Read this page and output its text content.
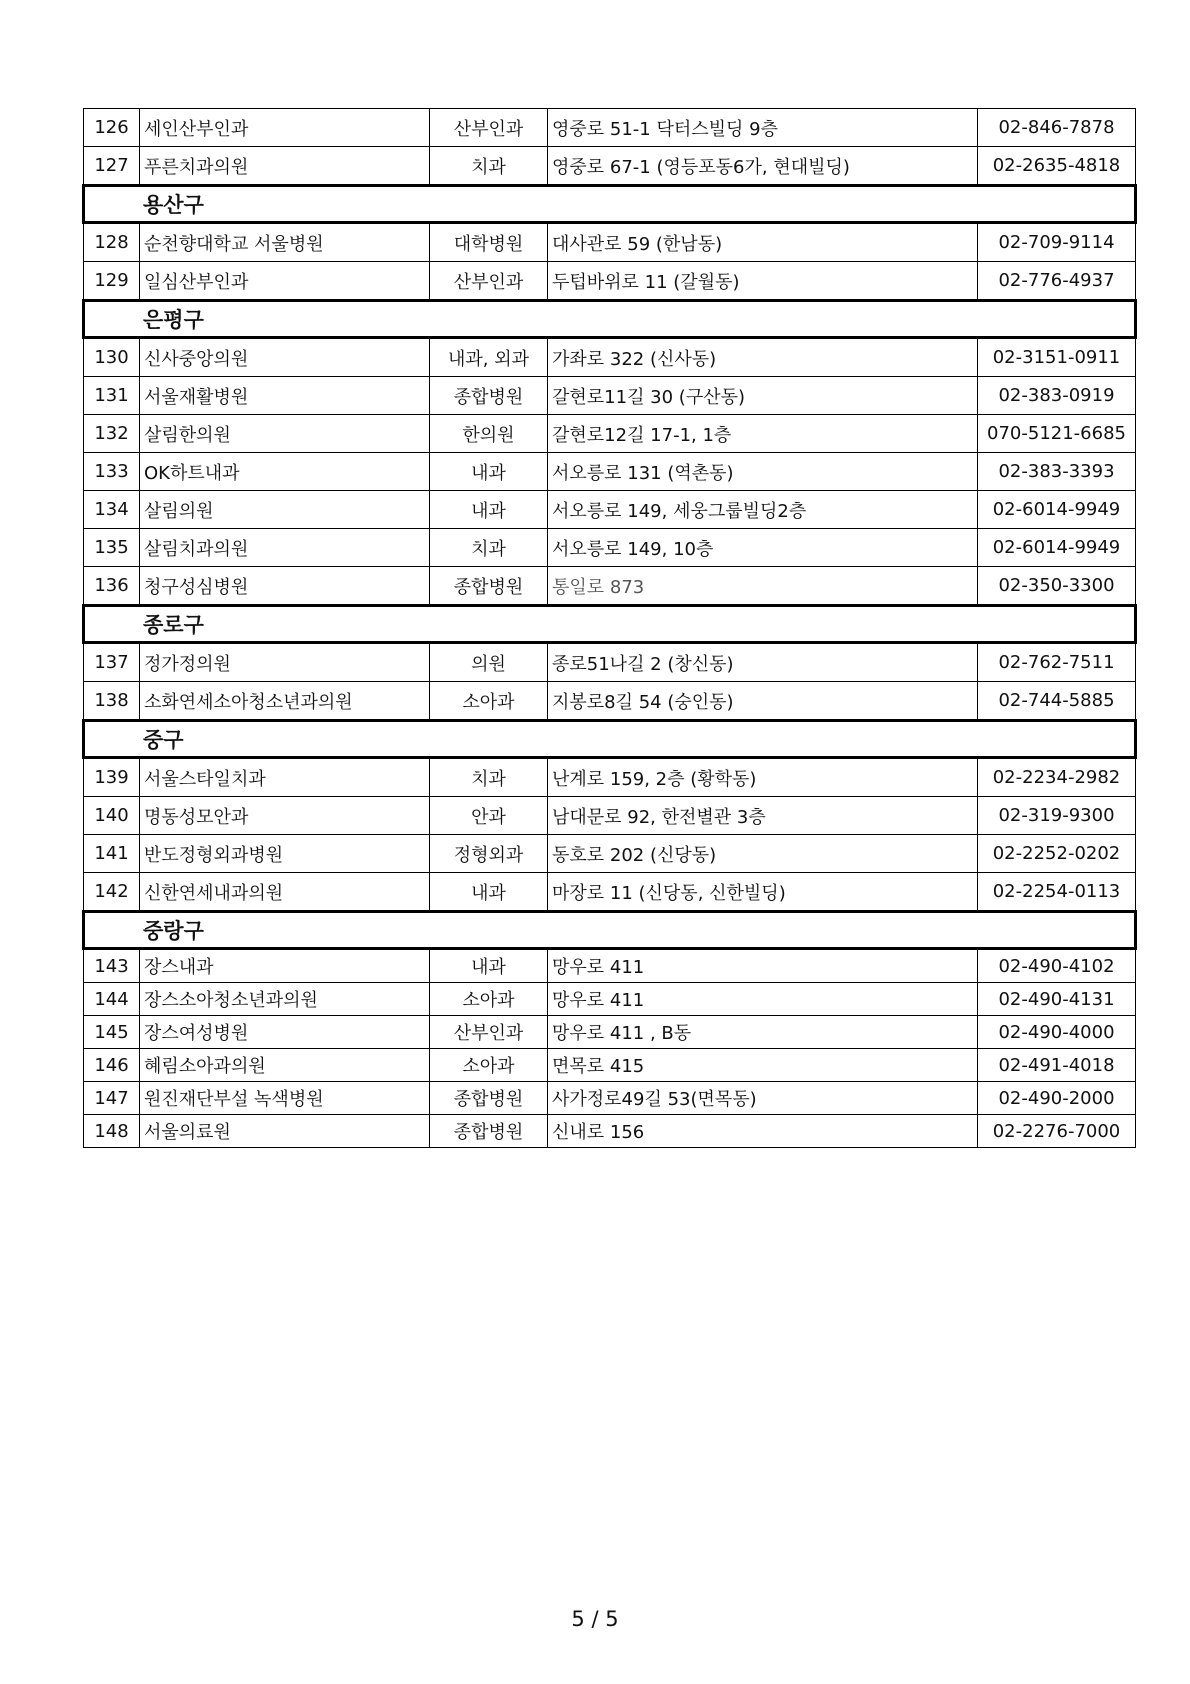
126	세인산부인과	산부인과	영중로 51-1 닥터스빌딩 9층	02-846-7878
127	푸른치과의원	치과	영중로 67-1 (영등포동6가, 현대빌딩)	02-2635-4818
용산구				
128	순천향대학교 서울병원	대학병원	대사관로 59 (한남동)	02-709-9114
129	일심산부인과	산부인과	두텁바위로 11 (갈월동)	02-776-4937
은평구				
130	신사중앙의원	내과, 외과	가좌로 322 (신사동)	02-3151-0911
131	서울재활병원	종합병원	갈현로11길 30 (구산동)	02-383-0919
132	살림한의원	한의원	갈현로12길 17-1, 1층	070-5121-6685
133	OK하트내과	내과	서오릉로 131 (역촌동)	02-383-3393
134	살림의원	내과	서오릉로 149, 세웅그룹빌딩2층	02-6014-9949
135	살림치과의원	치과	서오릉로 149, 10층	02-6014-9949
136	청구성심병원	종합병원	통일로 873	02-350-3300
종로구				
137	정가정의원	의원	종로51나길 2 (창신동)	02-762-7511
138	소화연세소아청소년과의원	소아과	지봉로8길 54 (숭인동)	02-744-5885
중구				
139	서울스타일치과	치과	난계로 159, 2층 (황학동)	02-2234-2982
140	명동성모안과	안과	남대문로 92, 한전별관 3층	02-319-9300
141	반도정형외과병원	정형외과	동호로 202 (신당동)	02-2252-0202
142	신한연세내과의원	내과	마장로 11 (신당동, 신한빌딩)	02-2254-0113
중랑구				
143	장스내과	내과	망우로 411	02-490-4102
144	장스소아청소년과의원	소아과	망우로 411	02-490-4131
145	장스여성병원	산부인과	망우로 411 , B동	02-490-4000
146	혜림소아과의원	소아과	면목로 415	02-491-4018
147	원진재단부설 녹색병원	종합병원	사가정로49길 53(면목동)	02-490-2000
148	서울의료원	종합병원	신내로 156	02-2276-7000
5 / 5
